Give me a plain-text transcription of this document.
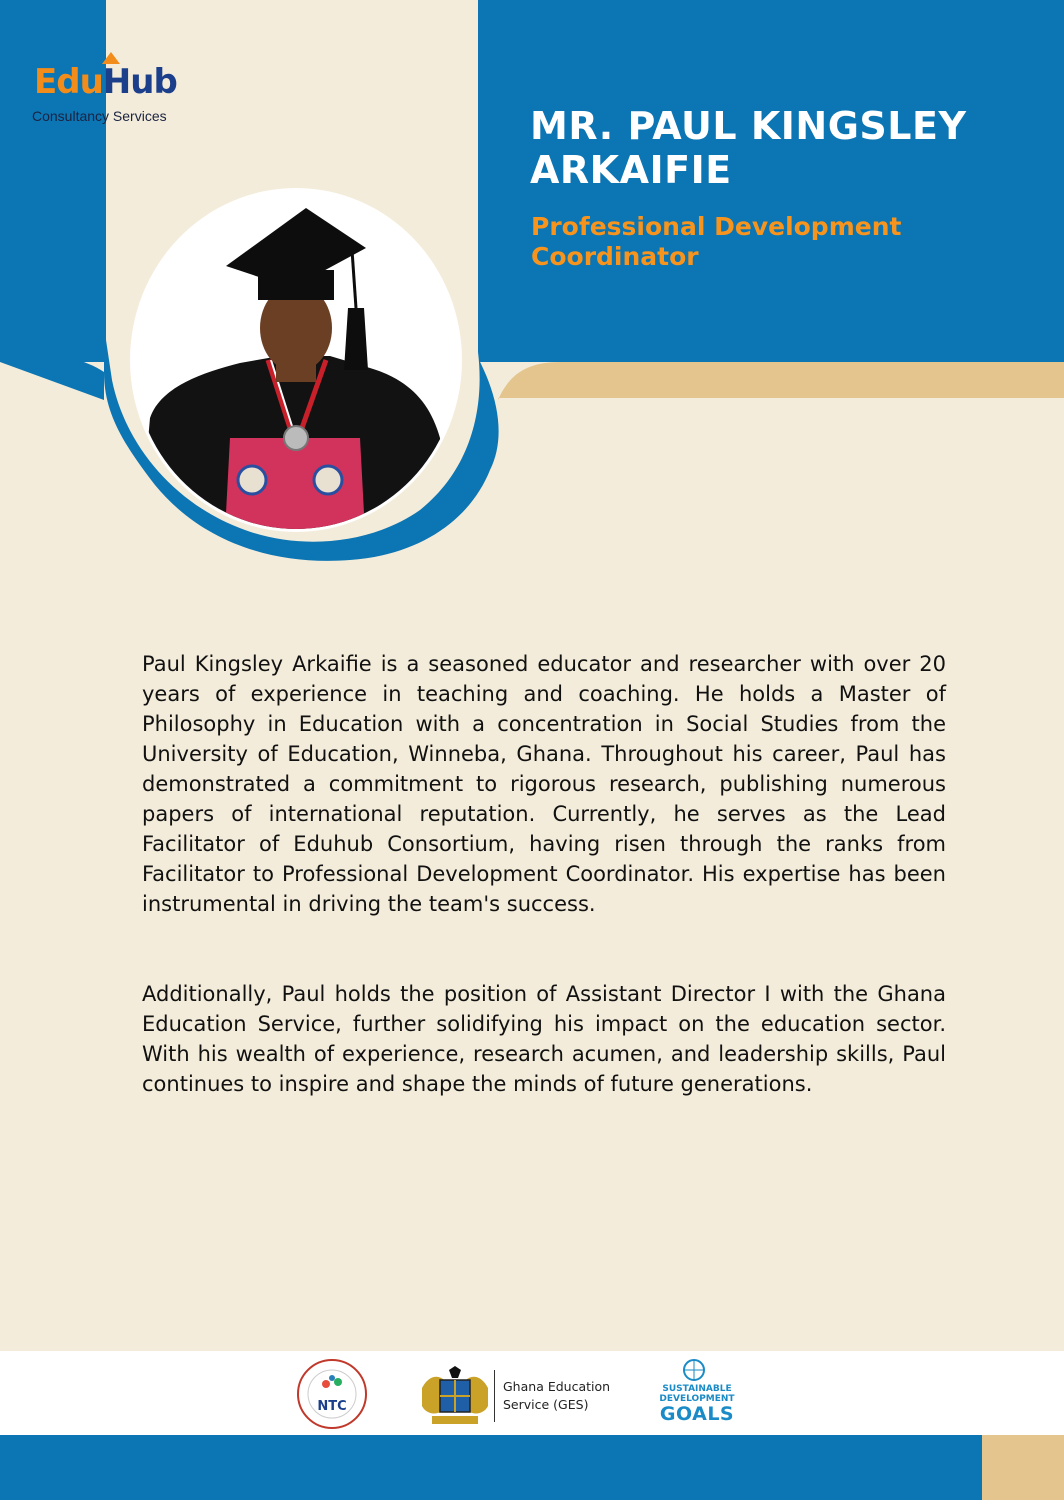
EduHub
Consultancy Services	MR. PAUL KINGSLEY ARKAIFIE
Professional Development Coordinator

Paul Kingsley Arkaifie is a seasoned educator and researcher with over 20 years of experience in teaching and coaching. He holds a Master of Philosophy in Education with a concentration in Social Studies from the University of Education, Winneba, Ghana. Throughout his career, Paul has demonstrated a commitment to rigorous research, publishing numerous papers of international reputation. Currently, he serves as the Lead Facilitator of Eduhub Consortium, having risen through the ranks from Facilitator to Professional Development Coordinator. His expertise has been instrumental in driving the team's success.

Additionally, Paul holds the position of Assistant Director I with the Ghana Education Service, further solidifying his impact on the education sector. With his wealth of experience, research acumen, and leadership skills, Paul continues to inspire and shape the minds of future generations.

NTC
Ghana Education
Service (GES)
SUSTAINABLE
DEVELOPMENT
GOALS
